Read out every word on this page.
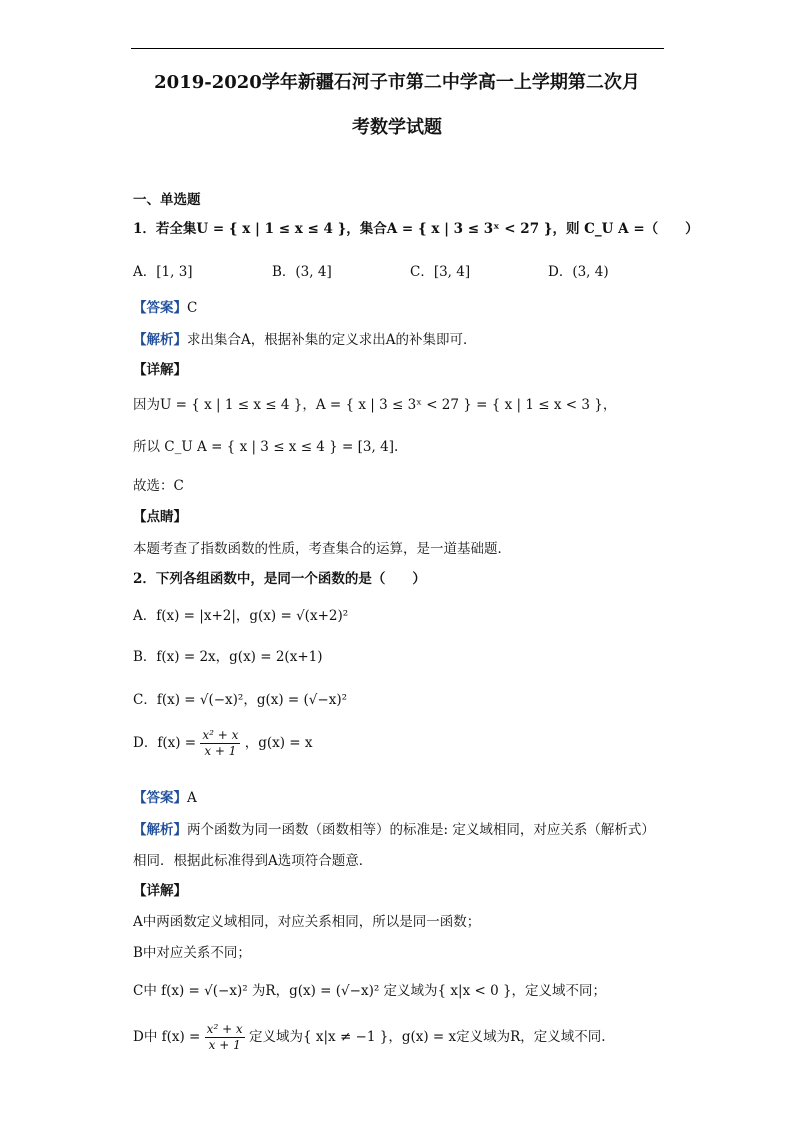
2019-2020学年新疆石河子市第二中学高一上学期第二次月
考数学试题
一、单选题
1．若全集U = { x | 1 ≤ x ≤ 4 }，集合A = { x | 3 ≤ 3ˣ < 27 }，则 C_U A =（　　）
A．[1, 3]	B．(3, 4]	C．[3, 4]	D．(3, 4)
【答案】C
【解析】求出集合A，根据补集的定义求出A的补集即可．
【详解】
因为U = { x | 1 ≤ x ≤ 4 }，A = { x | 3 ≤ 3ˣ < 27 } = { x | 1 ≤ x < 3 }，
所以 C_U A = { x | 3 ≤ x ≤ 4 } = [3, 4].
故选：C
【点睛】
本题考查了指数函数的性质，考查集合的运算，是一道基础题．
2．下列各组函数中，是同一个函数的是（　　）
A．f(x) = |x+2|，g(x) = √(x+2)²
B．f(x) = 2x，g(x) = 2(x+1)
C．f(x) = √(−x)²，g(x) = (√−x)²
D．$f(x) = \frac{\text{x² + x}}{x + 1}$ ，g(x) = x
【答案】A
【解析】两个函数为同一函数（函数相等）的标准是: 定义域相同，对应关系（解析式）
相同．根据此标准得到A选项符合题意．
【详解】
A中两函数定义域相同，对应关系相同，所以是同一函数；
B中对应关系不同；
C中 f(x) = √(−x)² 为R，g(x) = (√−x)² 定义域为{ x|x < 0 }，定义域不同；
D中 $f(x) = \frac{\text{x² + x}}{x + 1}$ 定义域为{ x|x ≠ −1 }，g(x) = x定义域为R，定义域不同.
